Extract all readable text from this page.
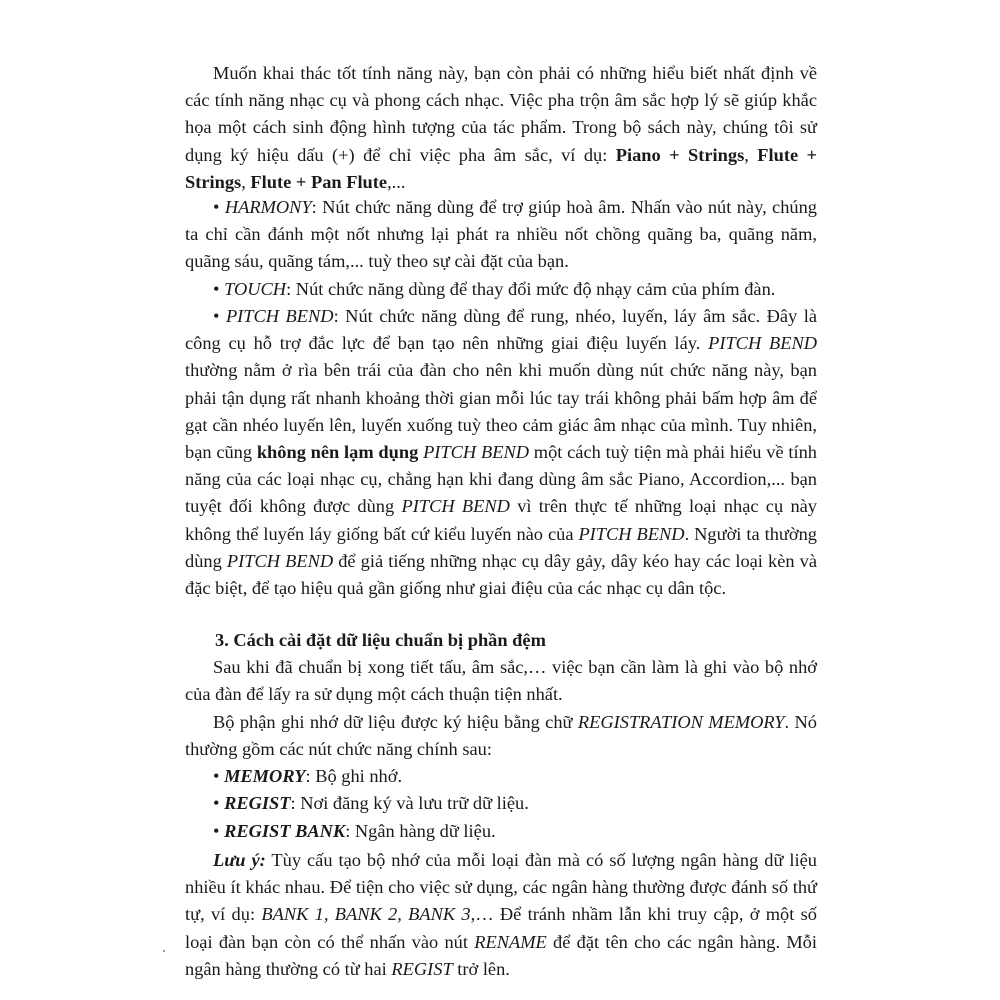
Muốn khai thác tốt tính năng này, bạn còn phải có những hiểu biết nhất định về các tính năng nhạc cụ và phong cách nhạc. Việc pha trộn âm sắc hợp lý sẽ giúp khắc họa một cách sinh động hình tượng của tác phẩm. Trong bộ sách này, chúng tôi sử dụng ký hiệu dấu (+) để chỉ việc pha âm sắc, ví dụ: Piano + Strings, Flute + Strings, Flute + Pan Flute,...

• HARMONY: Nút chức năng dùng để trợ giúp hoà âm. Nhấn vào nút này, chúng ta chỉ cần đánh một nốt nhưng lại phát ra nhiều nốt chồng quãng ba, quãng năm, quãng sáu, quãng tám,... tuỳ theo sự cài đặt của bạn.

• TOUCH: Nút chức năng dùng để thay đổi mức độ nhạy cảm của phím đàn.

• PITCH BEND: Nút chức năng dùng để rung, nhéo, luyến, láy âm sắc. Đây là công cụ hỗ trợ đắc lực để bạn tạo nên những giai điệu luyến láy. PITCH BEND thường nằm ở rìa bên trái của đàn cho nên khi muốn dùng nút chức năng này, bạn phải tận dụng rất nhanh khoảng thời gian mỗi lúc tay trái không phải bấm hợp âm để gạt cần nhéo luyến lên, luyến xuống tuỳ theo cảm giác âm nhạc của mình. Tuy nhiên, bạn cũng không nên lạm dụng PITCH BEND một cách tuỳ tiện mà phải hiểu về tính năng của các loại nhạc cụ, chẳng hạn khi đang dùng âm sắc Piano, Accordion,... bạn tuyệt đối không được dùng PITCH BEND vì trên thực tế những loại nhạc cụ này không thể luyến láy giống bất cứ kiểu luyến nào của PITCH BEND. Người ta thường dùng PITCH BEND để giả tiếng những nhạc cụ dây gảy, dây kéo hay các loại kèn và đặc biệt, để tạo hiệu quả gần giống như giai điệu của các nhạc cụ dân tộc.

3. Cách cài đặt dữ liệu chuẩn bị phần đệm

Sau khi đã chuẩn bị xong tiết tấu, âm sắc,… việc bạn cần làm là ghi vào bộ nhớ của đàn để lấy ra sử dụng một cách thuận tiện nhất.

Bộ phận ghi nhớ dữ liệu được ký hiệu bằng chữ REGISTRATION MEMORY. Nó thường gồm các nút chức năng chính sau:

• MEMORY: Bộ ghi nhớ.

• REGIST: Nơi đăng ký và lưu trữ dữ liệu.

• REGIST BANK: Ngân hàng dữ liệu.

Lưu ý: Tùy cấu tạo bộ nhớ của mỗi loại đàn mà có số lượng ngân hàng dữ liệu nhiều ít khác nhau. Để tiện cho việc sử dụng, các ngân hàng thường được đánh số thứ tự, ví dụ: BANK 1, BANK 2, BANK 3,… Để tránh nhầm lẫn khi truy cập, ở một số loại đàn bạn còn có thể nhấn vào nút RENAME để đặt tên cho các ngân hàng. Mỗi ngân hàng thường có từ hai REGIST trở lên.
